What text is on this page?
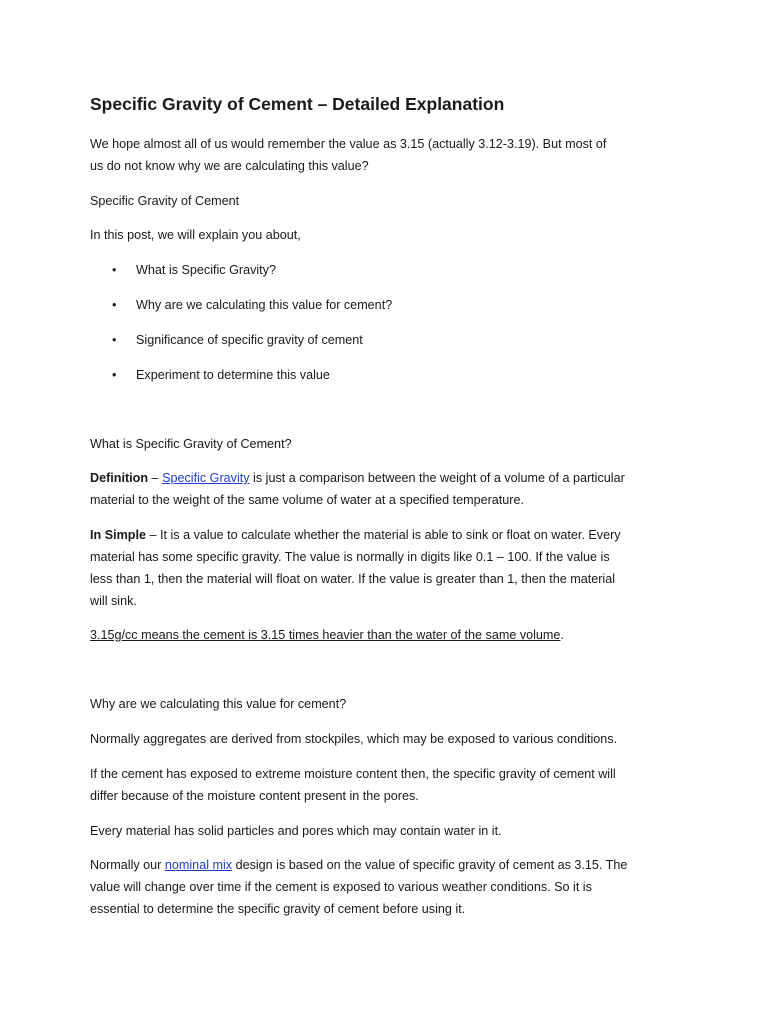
Specific Gravity of Cement – Detailed Explanation

We hope almost all of us would remember the value as 3.15 (actually 3.12-3.19). But most of
us do not know why we are calculating this value?

Specific Gravity of Cement

In this post, we will explain you about,

• What is Specific Gravity?
• Why are we calculating this value for cement?
• Significance of specific gravity of cement
• Experiment to determine this value

What is Specific Gravity of Cement?

Definition – Specific Gravity is just a comparison between the weight of a volume of a particular
material to the weight of the same volume of water at a specified temperature.

In Simple – It is a value to calculate whether the material is able to sink or float on water. Every
material has some specific gravity. The value is normally in digits like 0.1 – 100. If the value is
less than 1, then the material will float on water. If the value is greater than 1, then the material
will sink.

3.15g/cc means the cement is 3.15 times heavier than the water of the same volume.

Why are we calculating this value for cement?

Normally aggregates are derived from stockpiles, which may be exposed to various conditions.

If the cement has exposed to extreme moisture content then, the specific gravity of cement will
differ because of the moisture content present in the pores.

Every material has solid particles and pores which may contain water in it.

Normally our nominal mix design is based on the value of specific gravity of cement as 3.15. The
value will change over time if the cement is exposed to various weather conditions. So it is
essential to determine the specific gravity of cement before using it.
